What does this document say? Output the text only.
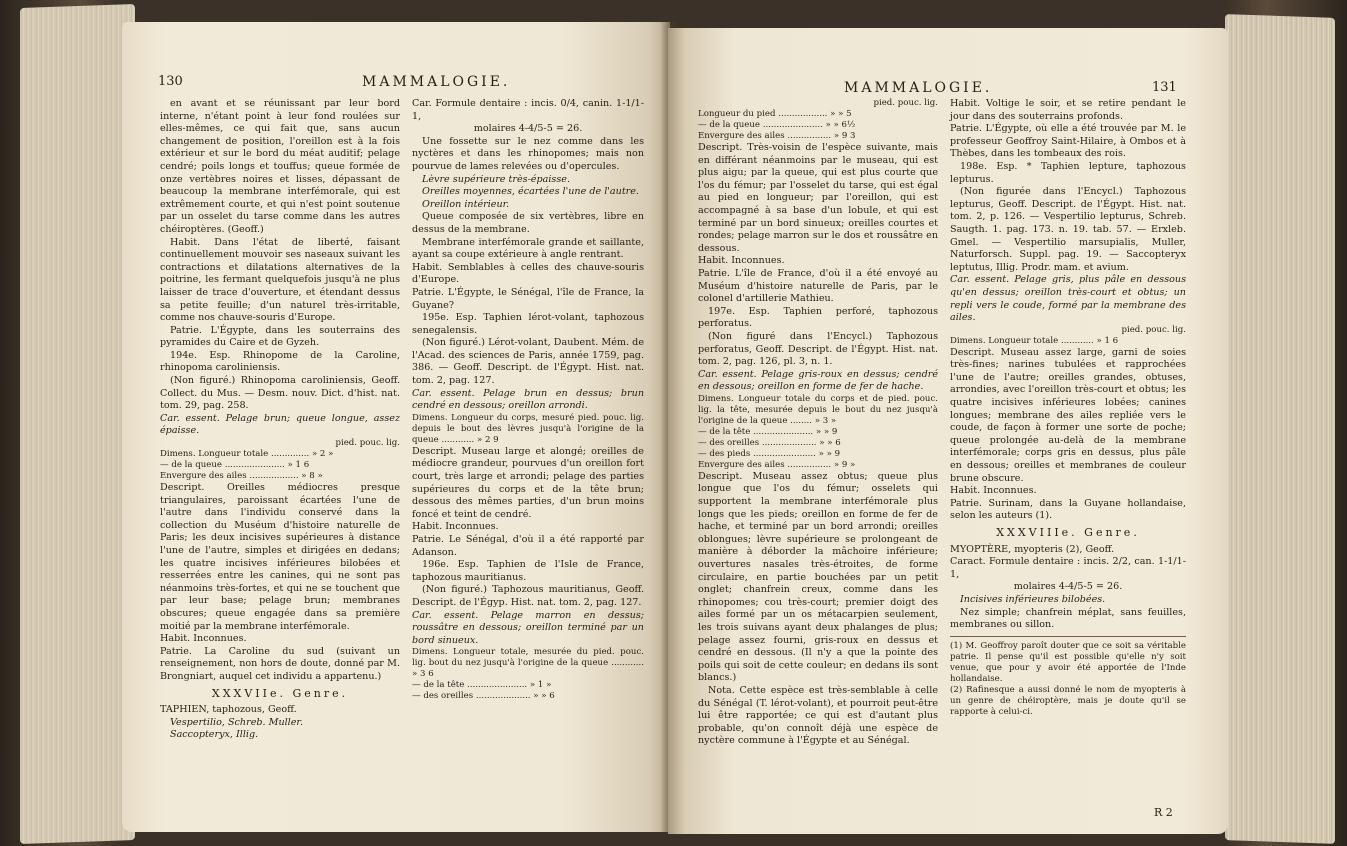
130	MAMMALOGIE.

en avant et se réunissant par leur bord interne, n'étant point à leur fond roulées sur elles-mêmes, ce qui fait que, sans aucun changement de position, l'oreillon est à la fois extérieur et sur le bord du méat auditif; pelage cendré; poils longs et touffus; queue formée de onze vertèbres noires et lisses, dépassant de beaucoup la membrane interfémorale, qui est extrêmement courte, et qui n'est point soutenue par un osselet du tarse comme dans les autres chéiroptères. (Geoff.)

Habit. Dans l'état de liberté, faisant continuellement mouvoir ses naseaux suivant les contractions et dilatations alternatives de la poitrine, les fermant quelquefois jusqu'à ne plus laisser de trace d'ouverture, et étendant dessus sa petite feuille; d'un naturel très-irritable, comme nos chauve-souris d'Europe.

Patrie. L'Égypte, dans les souterrains des pyramides du Caire et de Gyzeh.

194e. Esp. Rhinopome de la Caroline, rhinopoma caroliniensis.

(Non figuré.) Rhinopoma caroliniensis, Geoff. Collect. du Mus. — Desm. nouv. Dict. d'hist. nat. tom. 29, pag. 258.

Car. essent. Pelage brun; queue longue, assez épaisse.

pied. pouc. lig.

Dimens. Longueur totale .............. » 2 »

— de la queue ...................... » 1 6

Envergure des ailes .................. » 8 »

Descript. Oreilles médiocres presque triangulaires, paroissant écartées l'une de l'autre dans l'individu conservé dans la collection du Muséum d'histoire naturelle de Paris; les deux incisives supérieures à distance l'une de l'autre, simples et dirigées en dedans; les quatre incisives inférieures bilobées et resserrées entre les canines, qui ne sont pas néanmoins très-fortes, et qui ne se touchent que par leur base; pelage brun; membranes obscures; queue engagée dans sa première moitié par la membrane interfémorale.

Habit. Inconnues.

Patrie. La Caroline du sud (suivant un renseignement, non hors de doute, donné par M. Brongniart, auquel cet individu a appartenu.)

XXXVIIe. Genre.

TAPHIEN, taphozous, Geoff.

Vespertilio, Schreb. Muller.

Saccopteryx, Illig.

Car. Formule dentaire : incis. 0/4, canin. 1-1/1-1,

molaires 4-4/5-5 = 26.

Une fossette sur le nez comme dans les nyctères et dans les rhinopomes; mais non pourvue de lames relevées ou d'opercules.

Lèvre supérieure très-épaisse.

Oreilles moyennes, écartées l'une de l'autre.

Oreillon intérieur.

Queue composée de six vertèbres, libre en dessus de la membrane.

Membrane interfémorale grande et saillante, ayant sa coupe extérieure à angle rentrant.

Habit. Semblables à celles des chauve-souris d'Europe.

Patrie. L'Égypte, le Sénégal, l'île de France, la Guyane?

195e. Esp. Taphien lérot-volant, taphozous senegalensis.

(Non figuré.) Lérot-volant, Daubent. Mém. de l'Acad. des sciences de Paris, année 1759, pag. 386. — Geoff. Descript. de l'Égypt. Hist. nat. tom. 2, pag. 127.

Car. essent. Pelage brun en dessus; brun cendré en dessous; oreillon arrondi.

Dimens. Longueur du corps, mesuré pied. pouc. lig. depuis le bout des lèvres jusqu'à l'origine de la queue ............ » 2 9

Descript. Museau large et alongé; oreilles de médiocre grandeur, pourvues d'un oreillon fort court, très large et arrondi; pelage des parties supérieures du corps et de la tête brun; dessous des mêmes parties, d'un brun moins foncé et teint de cendré.

Habit. Inconnues.

Patrie. Le Sénégal, d'où il a été rapporté par Adanson.

196e. Esp. Taphien de l'Isle de France, taphozous mauritianus.

(Non figuré.) Taphozous mauritianus, Geoff. Descript. de l'Égyp. Hist. nat. tom. 2, pag. 127.

Car. essent. Pelage marron en dessus; roussâtre en dessous; oreillon terminé par un bord sinueux.

Dimens. Longueur totale, mesurée du pied. pouc. lig. bout du nez jusqu'à l'origine de la queue ............ » 3 6

— de la tête ...................... » 1 »

— des oreilles .................... » » 6

MAMMALOGIE.	131

pied. pouc. lig.

Longueur du pied .................. » » 5

— de la queue ...................... » » 6½

Envergure des ailes ................ » 9 3

Descript. Très-voisin de l'espèce suivante, mais en différant néanmoins par le museau, qui est plus aigu; par la queue, qui est plus courte que l'os du fémur; par l'osselet du tarse, qui est égal au pied en longueur; par l'oreillon, qui est accompagné à sa base d'un lobule, et qui est terminé par un bord sinueux; oreilles courtes et rondes; pelage marron sur le dos et roussâtre en dessous.

Habit. Inconnues.

Patrie. L'île de France, d'où il a été envoyé au Muséum d'histoire naturelle de Paris, par le colonel d'artillerie Mathieu.

197e. Esp. Taphien perforé, taphozous perforatus.

(Non figuré dans l'Encycl.) Taphozous perforatus, Geoff. Descript. de l'Égypt. Hist. nat. tom. 2, pag. 126, pl. 3, n. 1.

Car. essent. Pelage gris-roux en dessus; cendré en dessous; oreillon en forme de fer de hache.

Dimens. Longueur totale du corps et de pied. pouc. lig. la tête, mesurée depuis le bout du nez jusqu'à l'origine de la queue ........ » 3 »

— de la tête ...................... » » 9

— des oreilles .................... » » 6

— des pieds ....................... » » 9

Envergure des ailes ................ » 9 »

Descript. Museau assez obtus; queue plus longue que l'os du fémur; osselets qui supportent la membrane interfémorale plus longs que les pieds; oreillon en forme de fer de hache, et terminé par un bord arrondi; oreilles oblongues; lèvre supérieure se prolongeant de manière à déborder la mâchoire inférieure; ouvertures nasales très-étroites, de forme circulaire, en partie bouchées par un petit onglet; chanfrein creux, comme dans les rhinopomes; cou très-court; premier doigt des ailes formé par un os métacarpien seulement, les trois suivans ayant deux phalanges de plus; pelage assez fourni, gris-roux en dessus et cendré en dessous. (Il n'y a que la pointe des poils qui soit de cette couleur; en dedans ils sont blancs.)

Nota. Cette espèce est très-semblable à celle du Sénégal (T. lérot-volant), et pourroit peut-être lui être rapportée; ce qui est d'autant plus probable, qu'on connoît déjà une espèce de nyctère commune à l'Égypte et au Sénégal.

Habit. Voltige le soir, et se retire pendant le jour dans des souterrains profonds.

Patrie. L'Égypte, où elle a été trouvée par M. le professeur Geoffroy Saint-Hilaire, à Ombos et à Thèbes, dans les tombeaux des rois.

198e. Esp. * Taphien lepture, taphozous lepturus.

(Non figurée dans l'Encycl.) Taphozous lepturus, Geoff. Descript. de l'Égypt. Hist. nat. tom. 2, p. 126. — Vespertilio lepturus, Schreb. Saugth. 1. pag. 173. n. 19. tab. 57. — Erxleb. Gmel. — Vespertilio marsupialis, Muller, Naturforsch. Suppl. pag. 19. — Saccopteryx leptutus, Illig. Prodr. mam. et avium.

Car. essent. Pelage gris, plus pâle en dessous qu'en dessus; oreillon très-court et obtus; un repli vers le coude, formé par la membrane des ailes.

pied. pouc. lig.

Dimens. Longueur totale ............ » 1 6

Descript. Museau assez large, garni de soies très-fines; narines tubulées et rapprochées l'une de l'autre; oreilles grandes, obtuses, arrondies, avec l'oreillon très-court et obtus; les quatre incisives inférieures lobées; canines longues; membrane des ailes repliée vers le coude, de façon à former une sorte de poche; queue prolongée au-delà de la membrane interfémorale; corps gris en dessus, plus pâle en dessous; oreilles et membranes de couleur brune obscure.

Habit. Inconnues.

Patrie. Surinam, dans la Guyane hollandaise, selon les auteurs (1).

XXXVIIIe. Genre.

MYOPTÈRE, myopteris (2), Geoff.

Caract. Formule dentaire : incis. 2/2, can. 1-1/1-1,

molaires 4-4/5-5 = 26.

Incisives inférieures bilobées.

Nez simple; chanfrein méplat, sans feuilles, membranes ou sillon.

(1) M. Geoffroy paroît douter que ce soit sa véritable patrie. Il pense qu'il est possible qu'elle n'y soit venue, que pour y avoir été apportée de l'Inde hollandaise.

(2) Rafinesque a aussi donné le nom de myopteris à un genre de chéiroptère, mais je doute qu'il se rapporte à celui-ci.

R 2
